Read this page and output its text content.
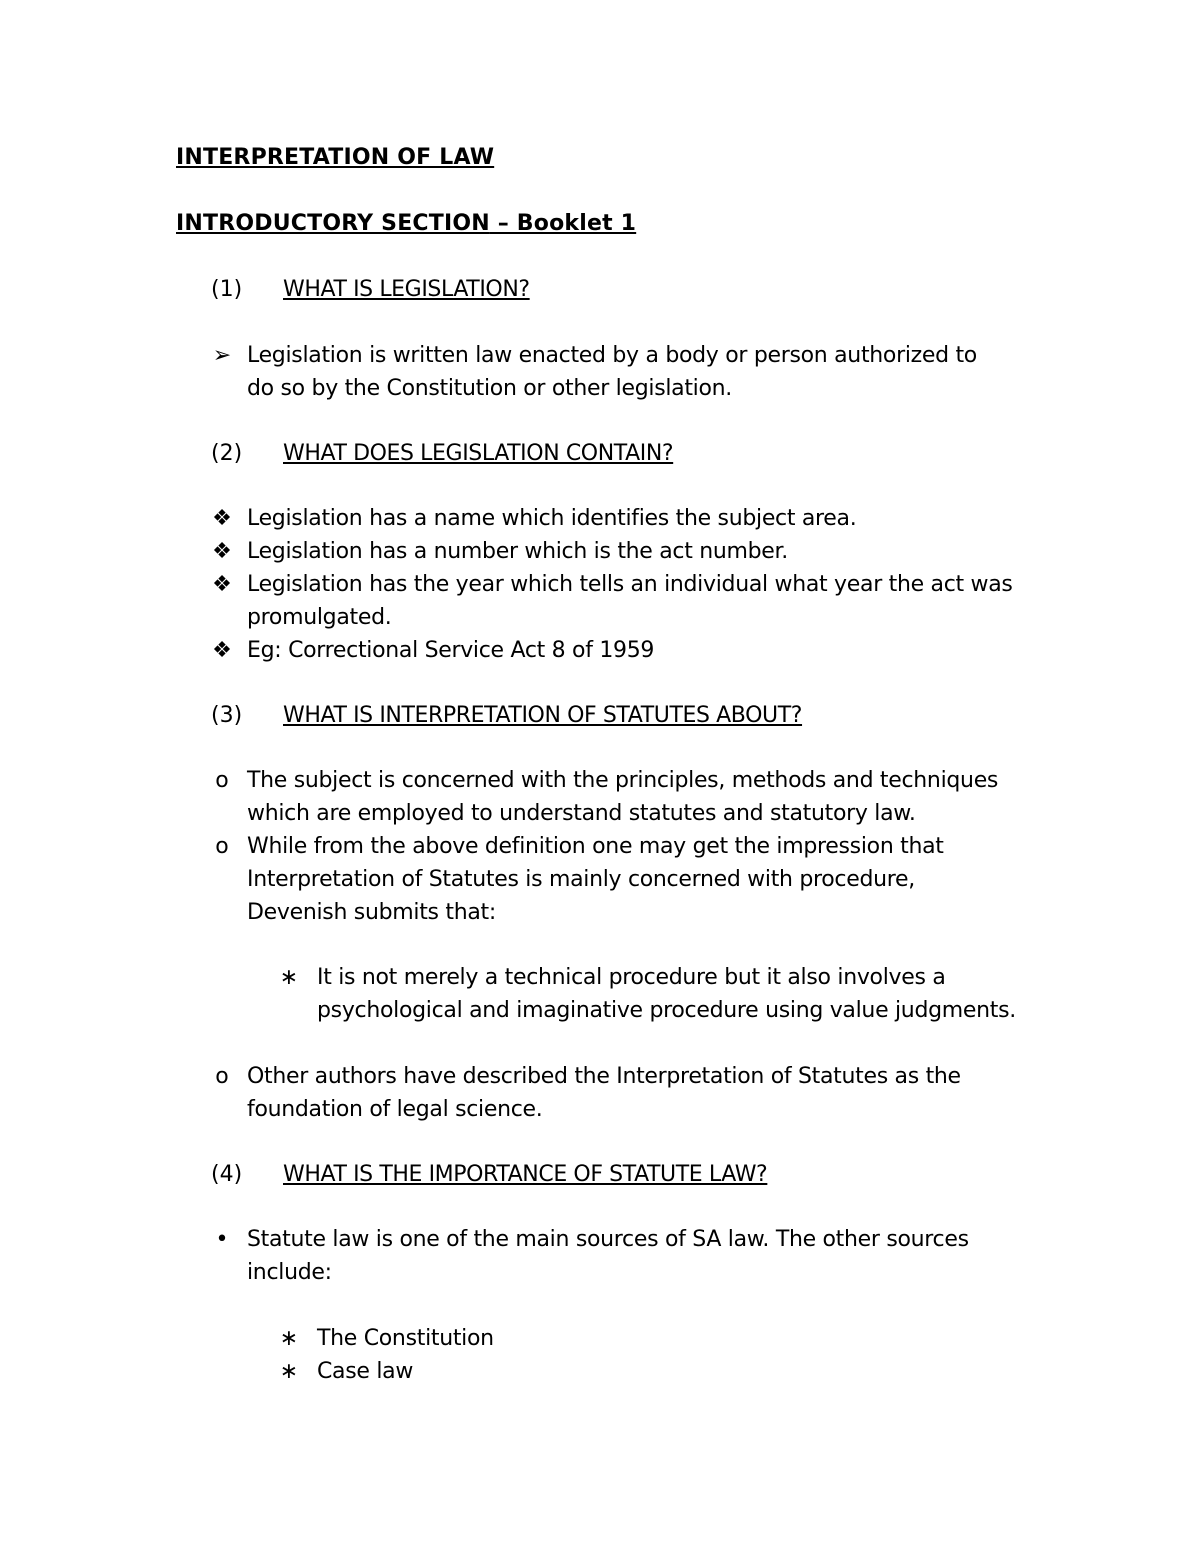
INTERPRETATION OF LAW
INTRODUCTORY SECTION – Booklet 1
(1) WHAT IS LEGISLATION?
➢ Legislation is written law enacted by a body or person authorized to
do so by the Constitution or other legislation.
(2) WHAT DOES LEGISLATION CONTAIN?
❖ Legislation has a name which identifies the subject area.
❖ Legislation has a number which is the act number.
❖ Legislation has the year which tells an individual what year the act was
promulgated.
❖ Eg: Correctional Service Act 8 of 1959
(3) WHAT IS INTERPRETATION OF STATUTES ABOUT?
o The subject is concerned with the principles, methods and techniques
which are employed to understand statutes and statutory law.
o While from the above definition one may get the impression that
Interpretation of Statutes is mainly concerned with procedure,
Devenish submits that:
∗ It is not merely a technical procedure but it also involves a
psychological and imaginative procedure using value judgments.
o Other authors have described the Interpretation of Statutes as the
foundation of legal science.
(4) WHAT IS THE IMPORTANCE OF STATUTE LAW?
• Statute law is one of the main sources of SA law. The other sources
include:
∗ The Constitution
∗ Case law
